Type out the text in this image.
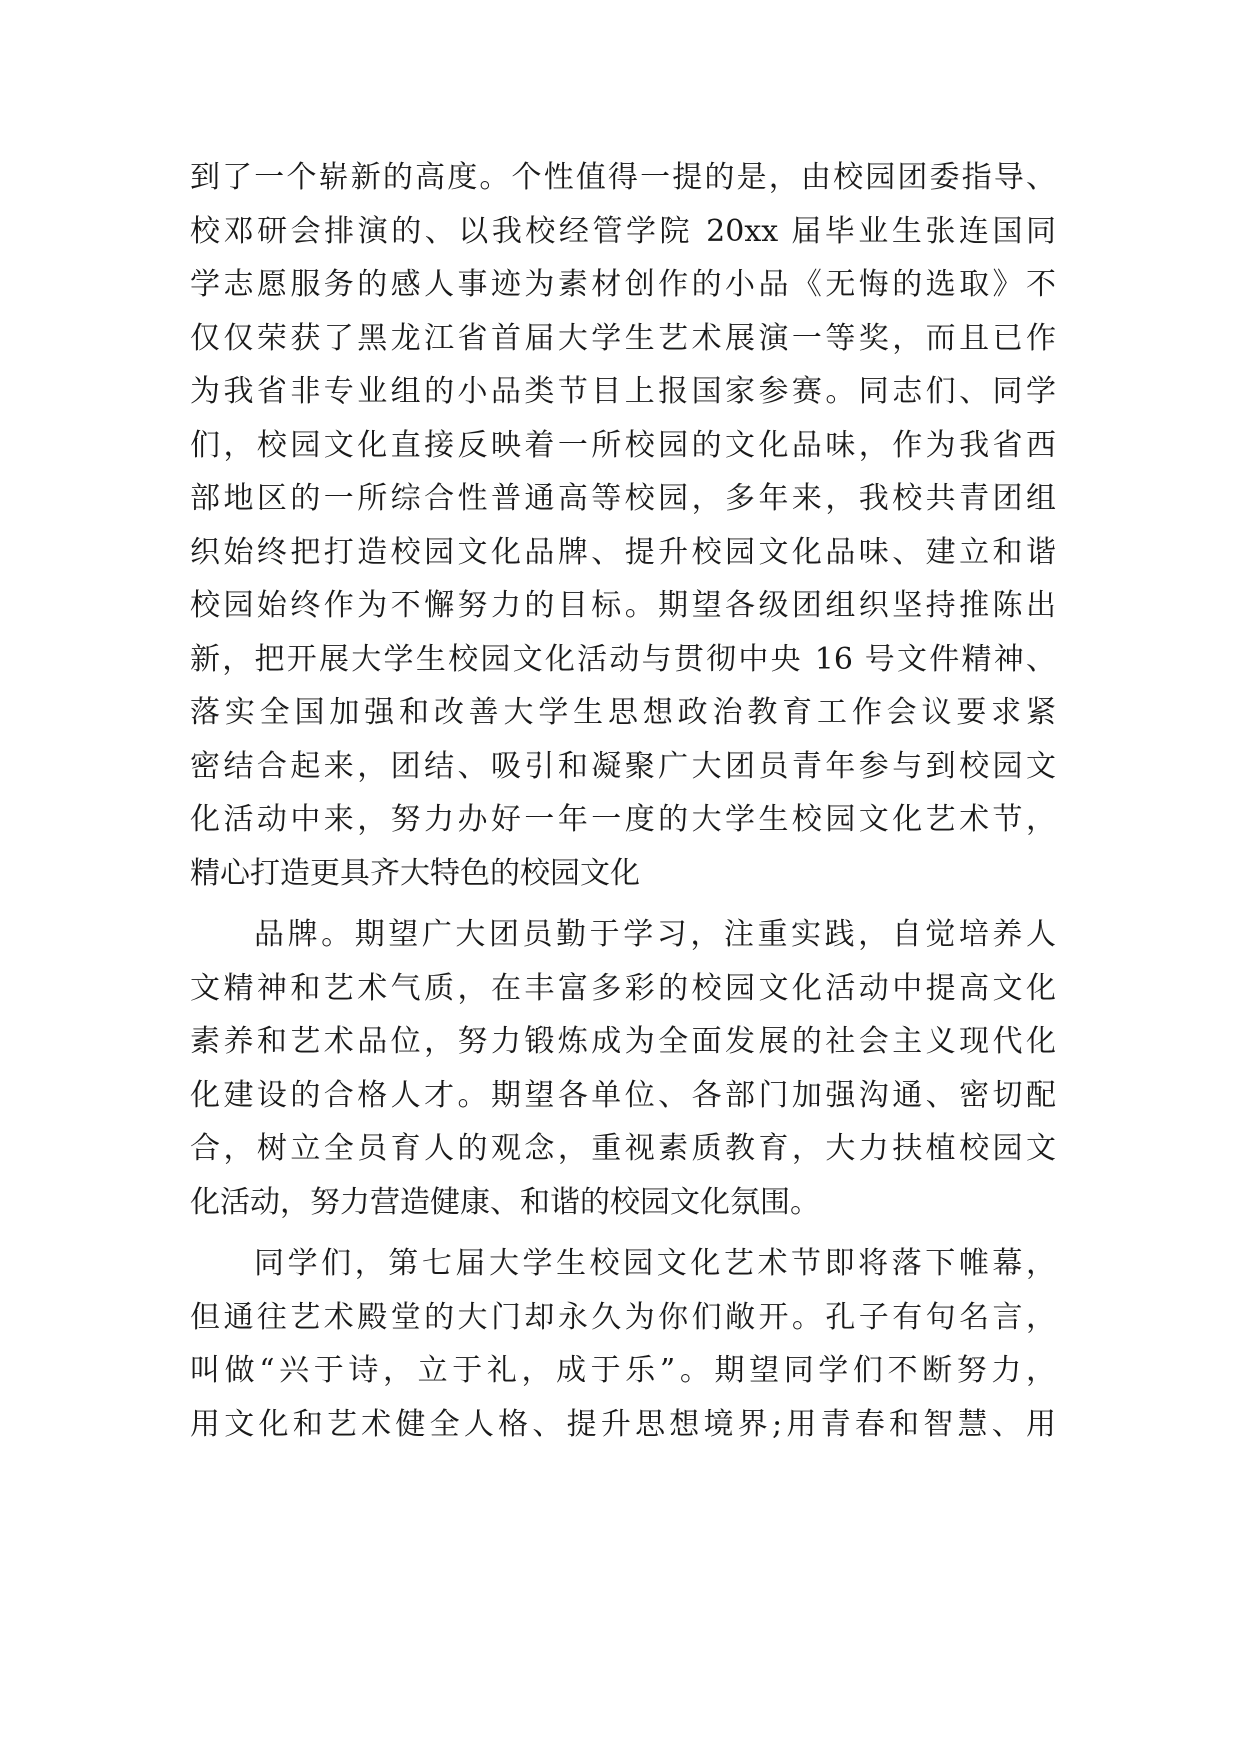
到了一个崭新的高度。个性值得一提的是，由校园团委指导、
校邓研会排演的、以我校经管学院 20xx 届毕业生张连国同
学志愿服务的感人事迹为素材创作的小品《无悔的选取》不
仅仅荣获了黑龙江省首届大学生艺术展演一等奖，而且已作
为我省非专业组的小品类节目上报国家参赛。同志们、同学
们，校园文化直接反映着一所校园的文化品味，作为我省西
部地区的一所综合性普通高等校园，多年来，我校共青团组
织始终把打造校园文化品牌、提升校园文化品味、建立和谐
校园始终作为不懈努力的目标。期望各级团组织坚持推陈出
新，把开展大学生校园文化活动与贯彻中央 16 号文件精神、
落实全国加强和改善大学生思想政治教育工作会议要求紧
密结合起来，团结、吸引和凝聚广大团员青年参与到校园文
化活动中来，努力办好一年一度的大学生校园文化艺术节，
精心打造更具齐大特色的校园文化
品牌。期望广大团员勤于学习，注重实践，自觉培养人
文精神和艺术气质，在丰富多彩的校园文化活动中提高文化
素养和艺术品位，努力锻炼成为全面发展的社会主义现代化
化建设的合格人才。期望各单位、各部门加强沟通、密切配
合，树立全员育人的观念，重视素质教育，大力扶植校园文
化活动，努力营造健康、和谐的校园文化氛围。
同学们，第七届大学生校园文化艺术节即将落下帷幕，
但通往艺术殿堂的大门却永久为你们敞开。孔子有句名言，
叫做“兴于诗，立于礼，成于乐”。期望同学们不断努力，
用文化和艺术健全人格、提升思想境界;用青春和智慧、用
